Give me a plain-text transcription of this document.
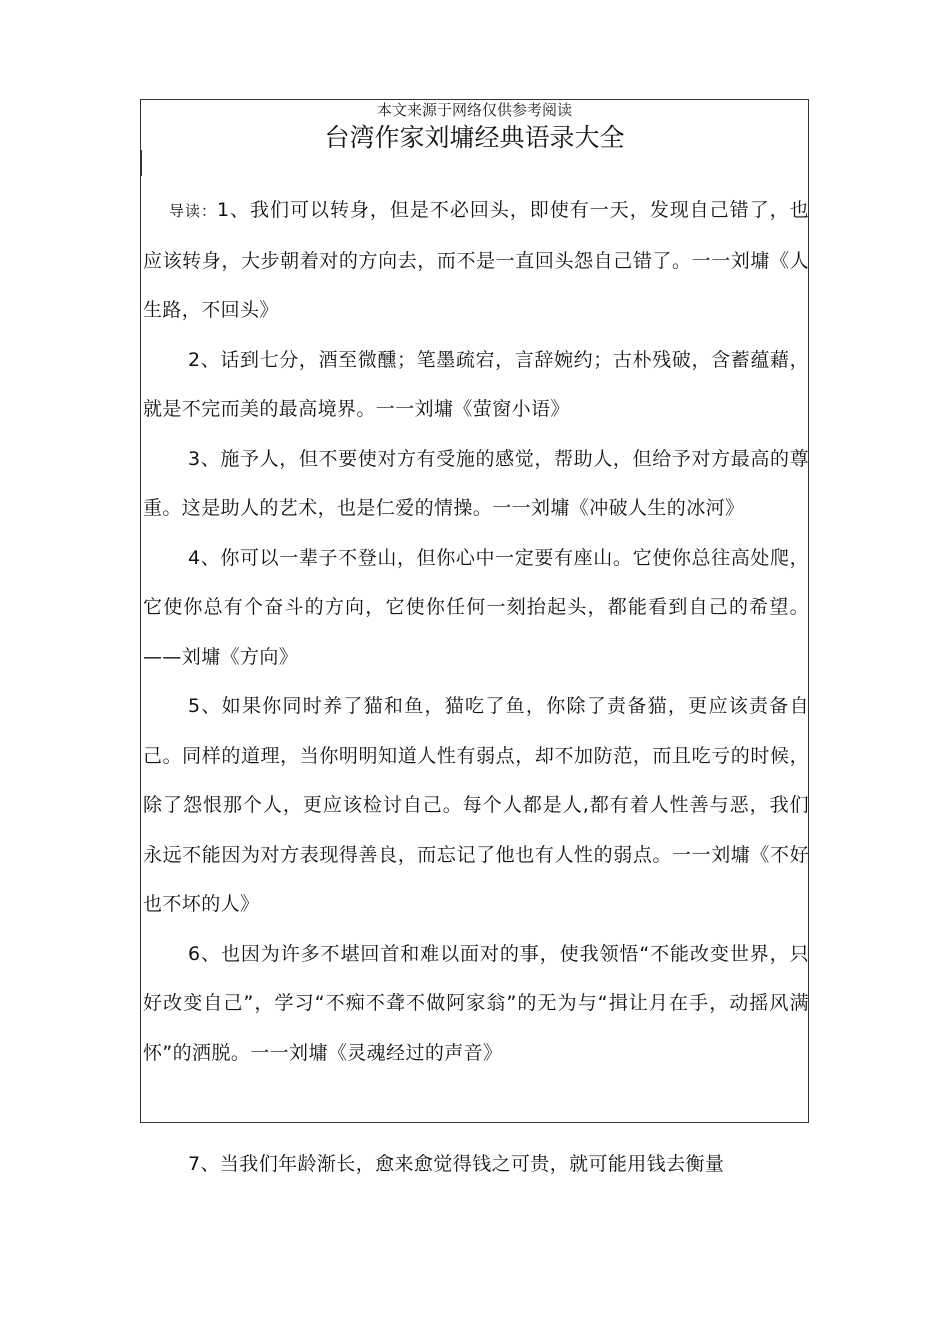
本文来源于网络仅供参考阅读
台湾作家刘墉经典语录大全

导读：1、我们可以转身，但是不必回头，即使有一天，发现自己错了，也应该转身，大步朝着对的方向去，而不是一直回头怨自己错了。一一刘墉《人生路，不回头》

2、话到七分，酒至微醺；笔墨疏宕，言辞婉约；古朴残破，含蓄蕴藉，就是不完而美的最高境界。一一刘墉《萤窗小语》

3、施予人，但不要使对方有受施的感觉，帮助人，但给予对方最高的尊重。这是助人的艺术，也是仁爱的情操。一一刘墉《冲破人生的冰河》

4、你可以一辈子不登山，但你心中一定要有座山。它使你总往高处爬，它使你总有个奋斗的方向，它使你任何一刻抬起头，都能看到自己的希望。——刘墉《方向》

5、如果你同时养了猫和鱼，猫吃了鱼，你除了责备猫，更应该责备自己。同样的道理，当你明明知道人性有弱点，却不加防范，而且吃亏的时候，除了怨恨那个人，更应该检讨自己。每个人都是人,都有着人性善与恶，我们永远不能因为对方表现得善良，而忘记了他也有人性的弱点。一一刘墉《不好也不坏的人》

6、也因为许多不堪回首和难以面对的事，使我领悟“不能改变世界，只好改变自己”，学习“不痴不聋不做阿家翁”的无为与“揖让月在手，动摇风满怀”的洒脱。一一刘墉《灵魂经过的声音》

7、当我们年龄渐长，愈来愈觉得钱之可贵，就可能用钱去衡量
